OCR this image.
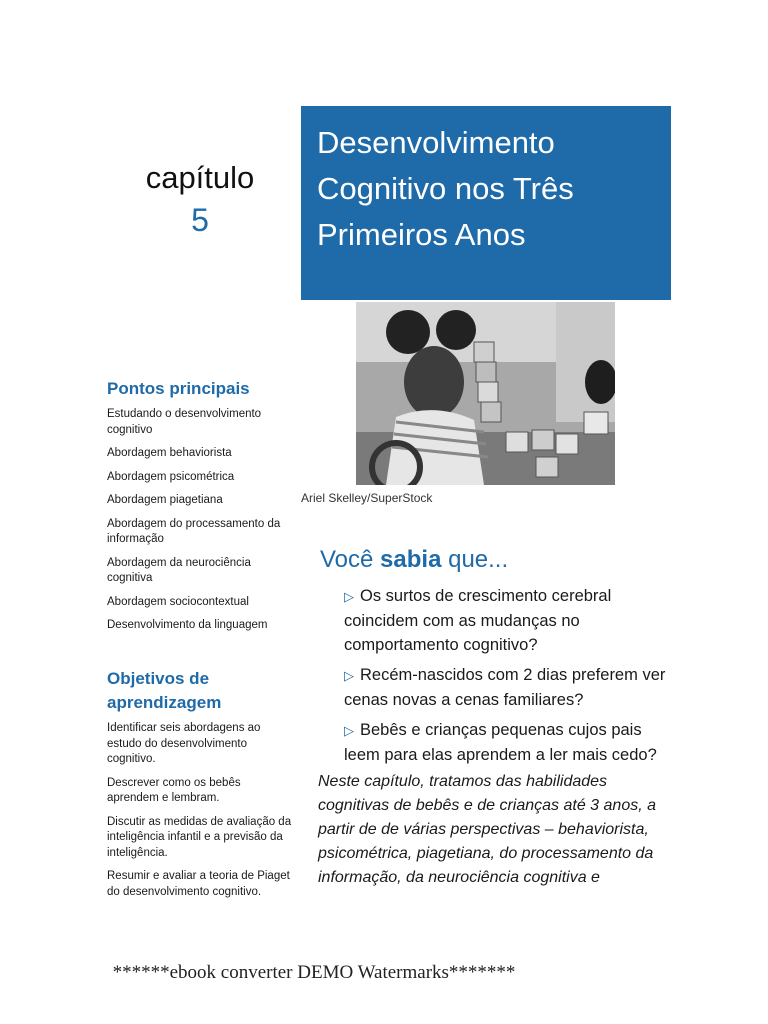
capítulo
5
Desenvolvimento
Cognitivo nos Três
Primeiros Anos
Ariel Skelley/SuperStock
Pontos principais
Estudando o desenvolvimento cognitivo
Abordagem behaviorista
Abordagem psicométrica
Abordagem piagetiana
Abordagem do processamento da informação
Abordagem da neurociência cognitiva
Abordagem sociocontextual
Desenvolvimento da linguagem
Objetivos de aprendizagem
Identificar seis abordagens ao estudo do desenvolvimento cognitivo.
Descrever como os bebês aprendem e lembram.
Discutir as medidas de avaliação da inteligência infantil e a previsão da inteligência.
Resumir e avaliar a teoria de Piaget do desenvolvimento cognitivo.
Você sabia que...
▷ Os surtos de crescimento cerebral coincidem com as mudanças no comportamento cognitivo?
▷ Recém-nascidos com 2 dias preferem ver cenas novas a cenas familiares?
▷ Bebês e crianças pequenas cujos pais leem para elas aprendem a ler mais cedo?
Neste capítulo, tratamos das habilidades cognitivas de bebês e de crianças até 3 anos, a partir de de várias perspectivas – behaviorista, psicométrica, piagetiana, do processamento da informação, da neurociência cognitiva e
******ebook converter DEMO Watermarks*******
